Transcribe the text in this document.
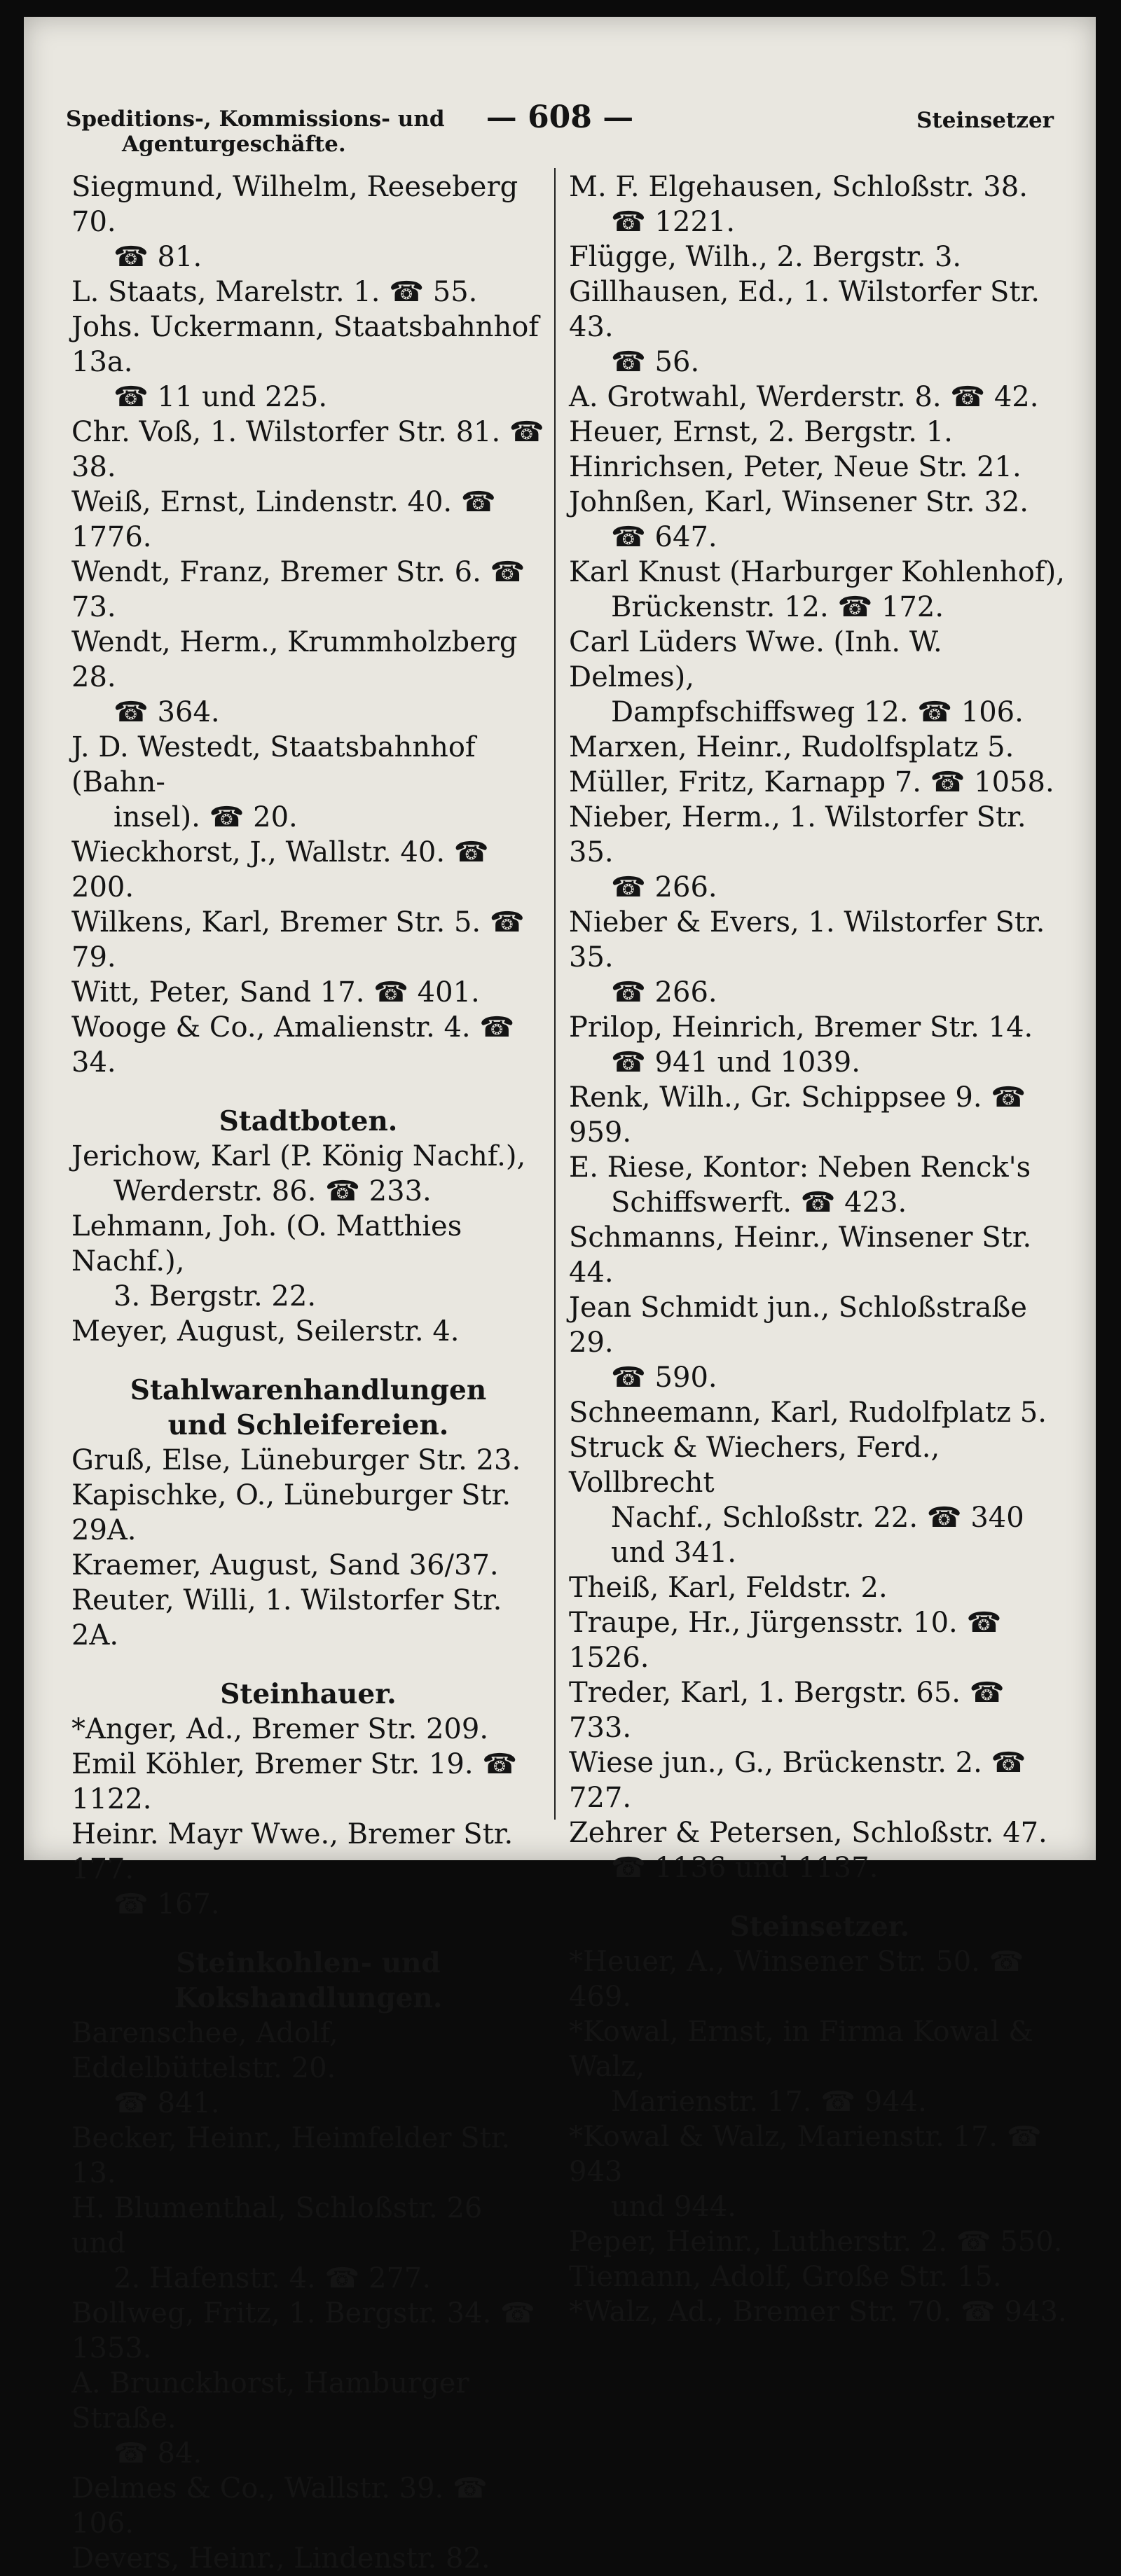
Speditions-, Kommissions- und
Agenturgeschäfte.
— 608 —	Steinsetzer
Siegmund, Wilhelm, Reeseberg 70.
☎ 81.
L. Staats, Marelstr. 1. ☎ 55.
Johs. Uckermann, Staatsbahnhof 13a.
☎ 11 und 225.
Chr. Voß, 1. Wilstorfer Str. 81. ☎ 38.
Weiß, Ernst, Lindenstr. 40. ☎ 1776.
Wendt, Franz, Bremer Str. 6. ☎ 73.
Wendt, Herm., Krummholzberg 28.
☎ 364.
J. D. Westedt, Staatsbahnhof (Bahn-
insel). ☎ 20.
Wieckhorst, J., Wallstr. 40. ☎ 200.
Wilkens, Karl, Bremer Str. 5. ☎ 79.
Witt, Peter, Sand 17. ☎ 401.
Wooge & Co., Amalienstr. 4. ☎ 34.
Stadtboten.
Jerichow, Karl (P. König Nachf.),
Werderstr. 86. ☎ 233.
Lehmann, Joh. (O. Matthies Nachf.),
3. Bergstr. 22.
Meyer, August, Seilerstr. 4.
Stahlwarenhandlungen
und Schleifereien.
Gruß, Else, Lüneburger Str. 23.
Kapischke, O., Lüneburger Str. 29A.
Kraemer, August, Sand 36/37.
Reuter, Willi, 1. Wilstorfer Str. 2A.
Steinhauer.
*Anger, Ad., Bremer Str. 209.
Emil Köhler, Bremer Str. 19. ☎ 1122.
Heinr. Mayr Wwe., Bremer Str. 177.
☎ 167.
Steinkohlen- und Kokshandlungen.
Barenschee, Adolf, Eddelbüttelstr. 20.
☎ 841.
Becker, Heinr., Heimfelder Str. 13.
H. Blumenthal, Schloßstr. 26 und
2. Hafenstr. 4. ☎ 277.
Bollweg, Fritz, 1. Bergstr. 34. ☎ 1353.
A. Brunckhorst, Hamburger Straße.
☎ 84.
Delmes & Co., Wallstr. 39. ☎ 106.
Devers, Heinr., Lindenstr. 82.
M. F. Elgehausen, Schloßstr. 38.
☎ 1221.
Flügge, Wilh., 2. Bergstr. 3.
Gillhausen, Ed., 1. Wilstorfer Str. 43.
☎ 56.
A. Grotwahl, Werderstr. 8. ☎ 42.
Heuer, Ernst, 2. Bergstr. 1.
Hinrichsen, Peter, Neue Str. 21.
Johnßen, Karl, Winsener Str. 32.
☎ 647.
Karl Knust (Harburger Kohlenhof),
Brückenstr. 12. ☎ 172.
Carl Lüders Wwe. (Inh. W. Delmes),
Dampfschiffsweg 12. ☎ 106.
Marxen, Heinr., Rudolfsplatz 5.
Müller, Fritz, Karnapp 7. ☎ 1058.
Nieber, Herm., 1. Wilstorfer Str. 35.
☎ 266.
Nieber & Evers, 1. Wilstorfer Str. 35.
☎ 266.
Prilop, Heinrich, Bremer Str. 14.
☎ 941 und 1039.
Renk, Wilh., Gr. Schippsee 9. ☎ 959.
E. Riese, Kontor: Neben Renck's
Schiffswerft. ☎ 423.
Schmanns, Heinr., Winsener Str. 44.
Jean Schmidt jun., Schloßstraße 29.
☎ 590.
Schneemann, Karl, Rudolfplatz 5.
Struck & Wiechers, Ferd., Vollbrecht
Nachf., Schloßstr. 22. ☎ 340
und 341.
Theiß, Karl, Feldstr. 2.
Traupe, Hr., Jürgensstr. 10. ☎ 1526.
Treder, Karl, 1. Bergstr. 65. ☎ 733.
Wiese jun., G., Brückenstr. 2. ☎ 727.
Zehrer & Petersen, Schloßstr. 47.
☎ 1136 und 1137.
Steinsetzer.
*Heuer, A., Winsener Str. 50. ☎ 469.
*Kowal, Ernst, in Firma Kowal & Walz,
Marienstr. 17. ☎ 944.
*Kowal & Walz, Marienstr. 17. ☎ 943
und 944.
Peper, Heinr., Lutherstr. 2. ☎ 550.
Tiemann, Adolf, Große Str. 15.
*Walz, Ad., Bremer Str. 70. ☎ 943.
